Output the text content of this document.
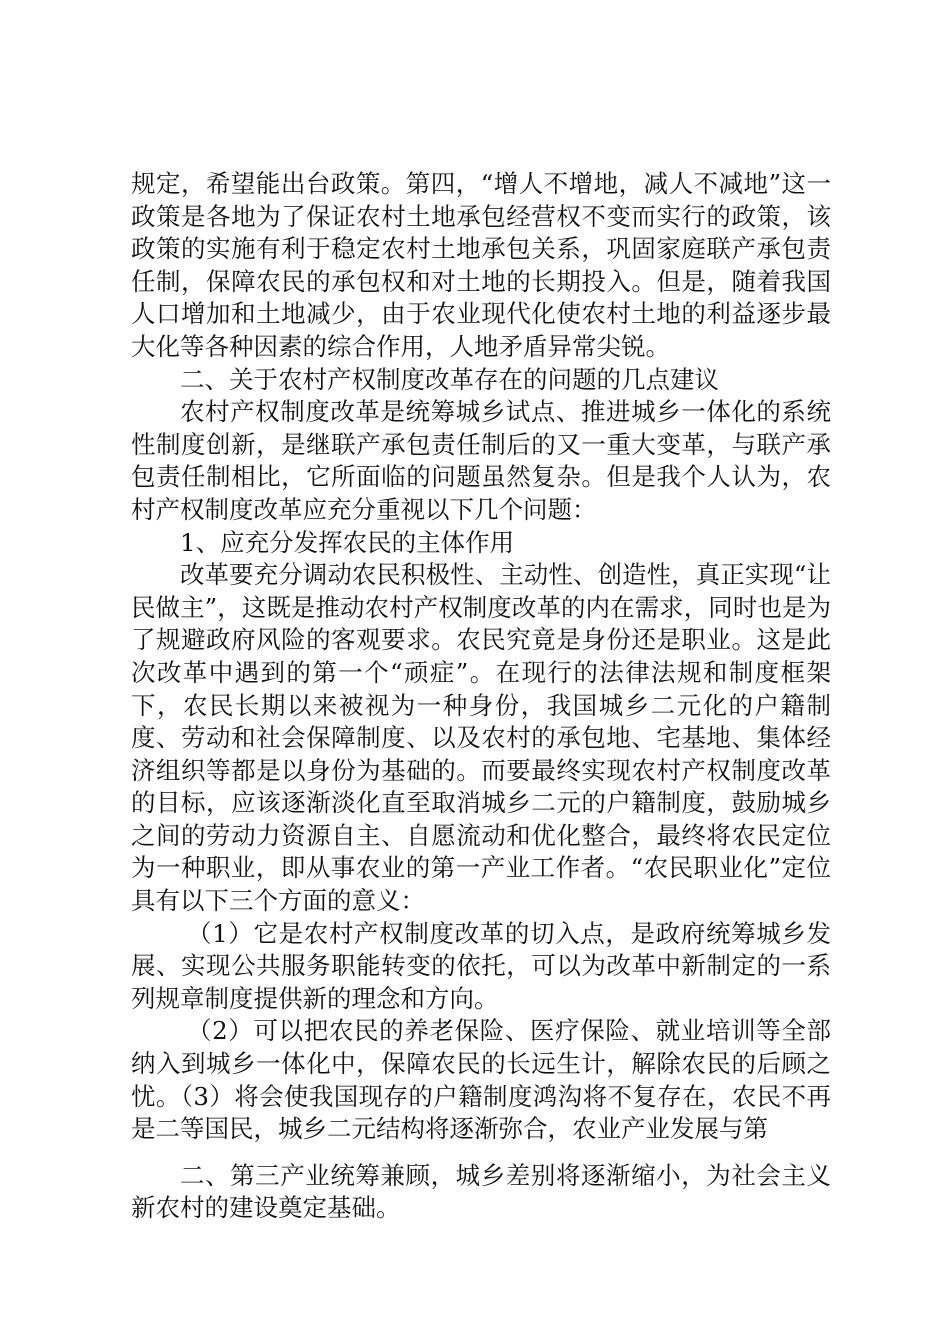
规定，希望能出台政策。第四，“增人不增地，减人不减地”这一政策是各地为了保证农村土地承包经营权不变而实行的政策，该政策的实施有利于稳定农村土地承包关系，巩固家庭联产承包责任制，保障农民的承包权和对土地的长期投入。但是，随着我国人口增加和土地减少，由于农业现代化使农村土地的利益逐步最大化等各种因素的综合作用，人地矛盾异常尖锐。

二、关于农村产权制度改革存在的问题的几点建议

农村产权制度改革是统筹城乡试点、推进城乡一体化的系统性制度创新，是继联产承包责任制后的又一重大变革，与联产承包责任制相比，它所面临的问题虽然复杂。但是我个人认为，农村产权制度改革应充分重视以下几个问题：

1、应充分发挥农民的主体作用

改革要充分调动农民积极性、主动性、创造性，真正实现“让民做主”，这既是推动农村产权制度改革的内在需求，同时也是为了规避政府风险的客观要求。农民究竟是身份还是职业。这是此次改革中遇到的第一个“顽症”。在现行的法律法规和制度框架下，农民长期以来被视为一种身份，我国城乡二元化的户籍制度、劳动和社会保障制度、以及农村的承包地、宅基地、集体经济组织等都是以身份为基础的。而要最终实现农村产权制度改革的目标，应该逐渐淡化直至取消城乡二元的户籍制度，鼓励城乡之间的劳动力资源自主、自愿流动和优化整合，最终将农民定位为一种职业，即从事农业的第一产业工作者。“农民职业化”定位具有以下三个方面的意义：

（1）它是农村产权制度改革的切入点，是政府统筹城乡发展、实现公共服务职能转变的依托，可以为改革中新制定的一系列规章制度提供新的理念和方向。

（2）可以把农民的养老保险、医疗保险、就业培训等全部纳入到城乡一体化中，保障农民的长远生计，解除农民的后顾之忧。（3）将会使我国现存的户籍制度鸿沟将不复存在，农民不再是二等国民，城乡二元结构将逐渐弥合，农业产业发展与第

二、第三产业统筹兼顾，城乡差别将逐渐缩小，为社会主义新农村的建设奠定基础。
